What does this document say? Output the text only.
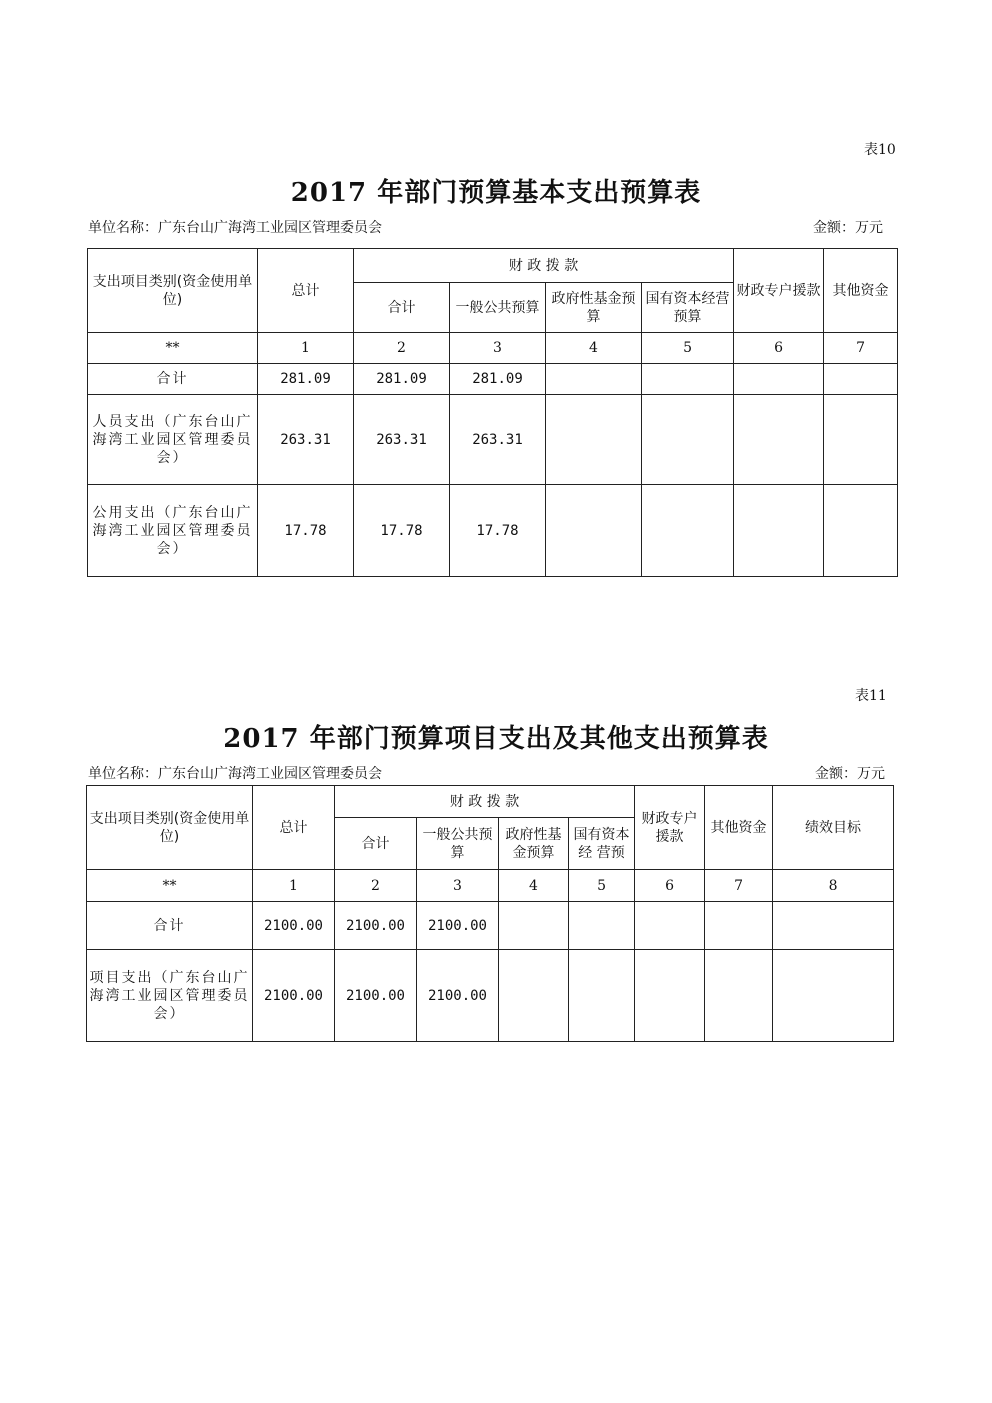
表10
2017 年部门预算基本支出预算表
单位名称：广东台山广海湾工业园区管理委员会	金额：万元
支出项目类别(资金使用单位)	总计	财 政 拨 款				财政专户援款	其他资金
		合计	一般公共预算	政府性基金预算	国有资本经营预算		
**	1	2	3	4	5	6	7
合计	281.09	281.09	281.09				
人员支出（广东台山广海湾工业园区管理委员会）	263.31	263.31	263.31				
公用支出（广东台山广海湾工业园区管理委员会）	17.78	17.78	17.78				
表11
2017 年部门预算项目支出及其他支出预算表
单位名称：广东台山广海湾工业园区管理委员会	金额：万元
支出项目类别(资金使用单 位)	总计	财 政 拨 款				财政专户援款	其他资金	绩效目标
		合计	一般公共预算	政府性基金预算	国有资本经 营预			
**	1	2	3	4	5	6	7	8
合计	2100.00	2100.00	2100.00					
项目支出（广东台山广海湾工业园区管理委员会）	2100.00	2100.00	2100.00					
